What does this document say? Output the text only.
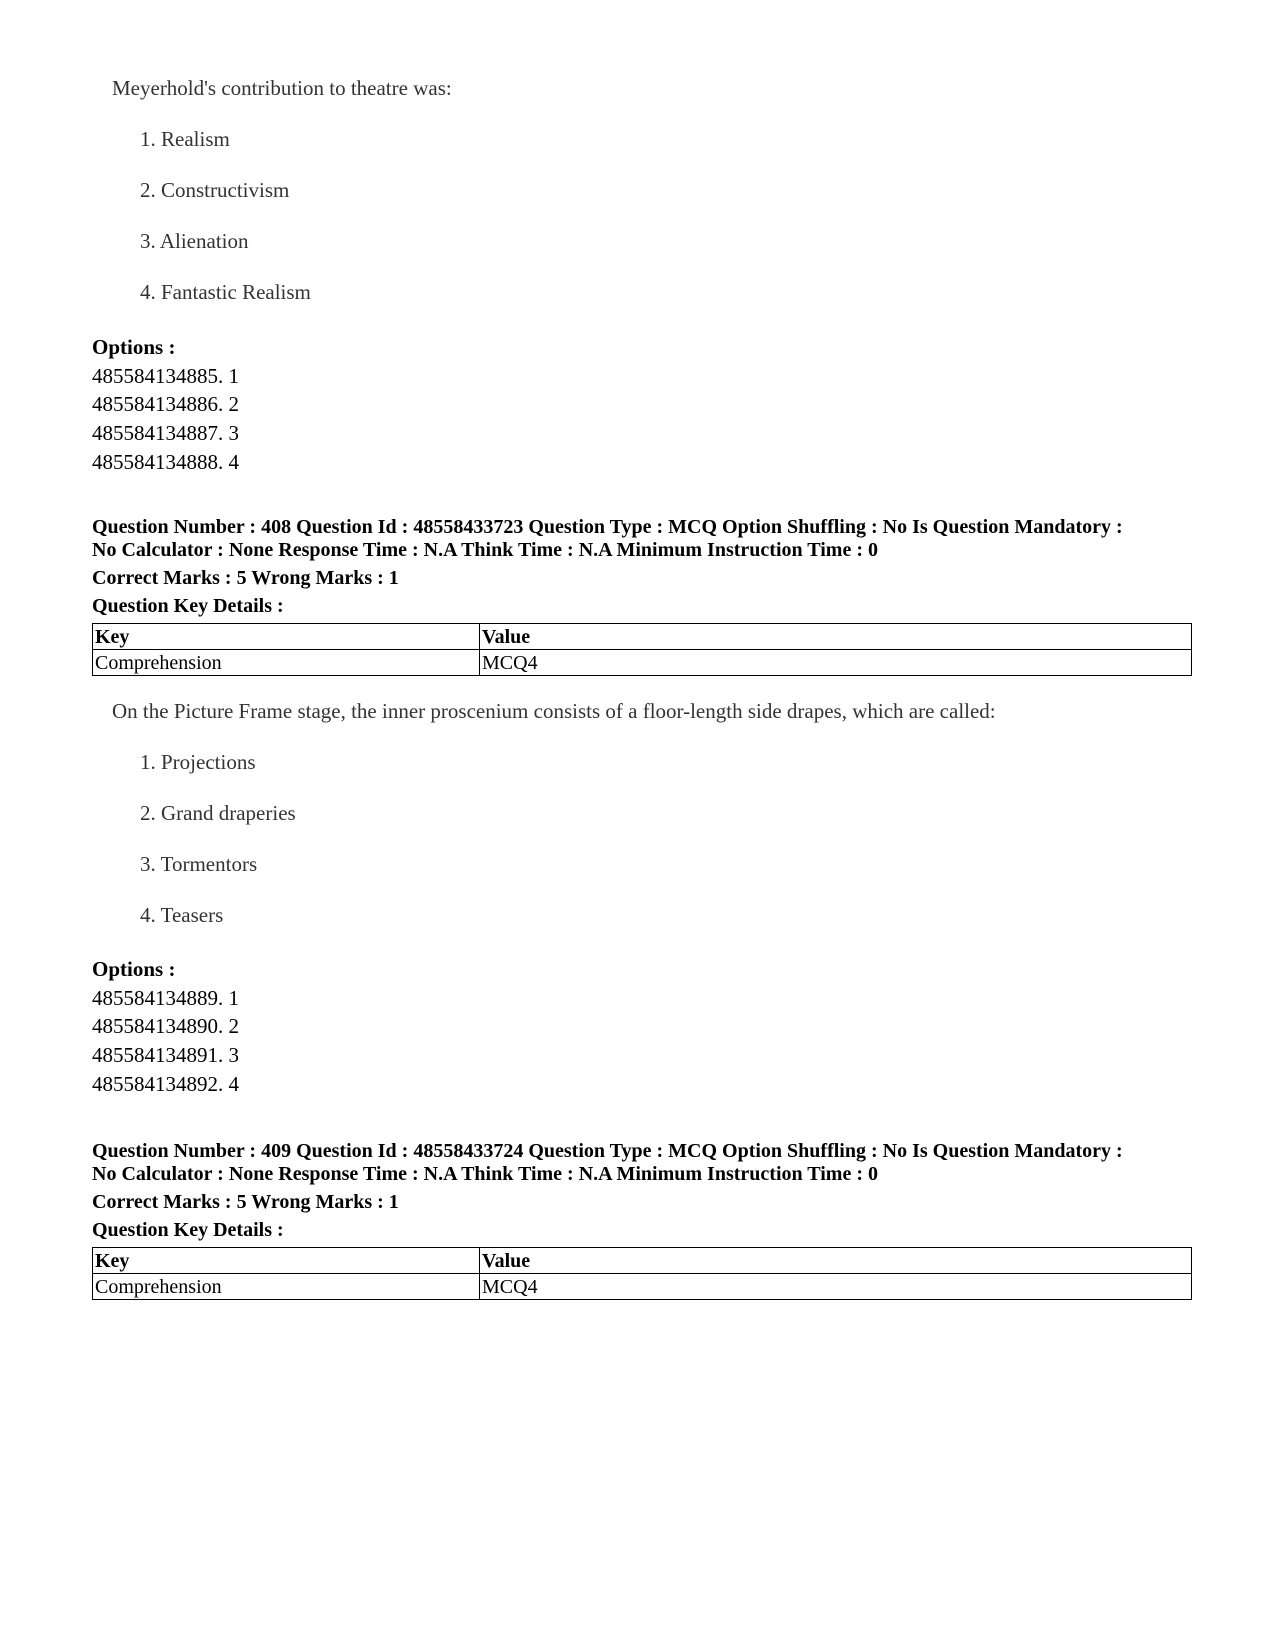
Meyerhold's contribution to theatre was:
1. Realism
2. Constructivism
3. Alienation
4. Fantastic Realism
Options :
485584134885. 1
485584134886. 2
485584134887. 3
485584134888. 4
Question Number : 408 Question Id : 48558433723 Question Type : MCQ Option Shuffling : No Is Question Mandatory :
No Calculator : None Response Time : N.A Think Time : N.A Minimum Instruction Time : 0
Correct Marks : 5 Wrong Marks : 1
Question Key Details :
Key	Value
Comprehension	MCQ4
On the Picture Frame stage, the inner proscenium consists of a floor-length side drapes, which are called:
1. Projections
2. Grand draperies
3. Tormentors
4. Teasers
Options :
485584134889. 1
485584134890. 2
485584134891. 3
485584134892. 4
Question Number : 409 Question Id : 48558433724 Question Type : MCQ Option Shuffling : No Is Question Mandatory :
No Calculator : None Response Time : N.A Think Time : N.A Minimum Instruction Time : 0
Correct Marks : 5 Wrong Marks : 1
Question Key Details :
Key	Value
Comprehension	MCQ4
